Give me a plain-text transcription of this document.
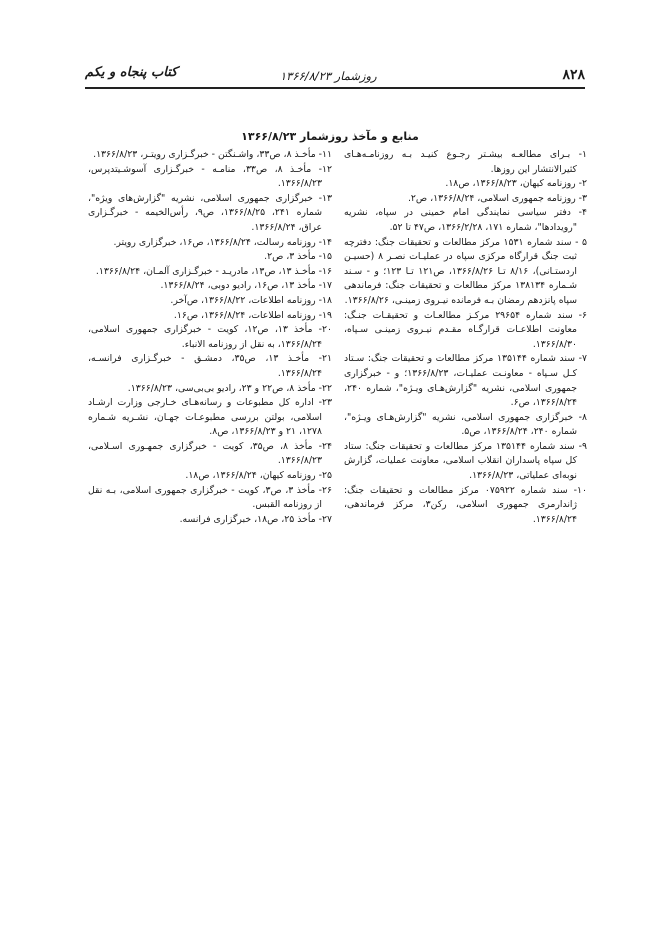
۸۲۸
روزشمار ۱۳۶۶/۸/۲۳
کتاب پنجاه و یکم
منابع و مآخذ روزشمار ۱۳۶۶/۸/۲۳
۱- بـرای مطالعـه بیشـتر رجـوع کنیـد بـه روزنامـه‌هـای کثیرالانتشار این روزها.
۲- روزنامه کیهان، ۱۳۶۶/۸/۲۳، ص۱۸.
۳- روزنامه جمهوری اسلامی، ۱۳۶۶/۸/۲۴، ص۲.
۴- دفتر سیاسی نمایندگی امام خمینی در سپاه، نشریه "رویدادها"، شماره ۱۷۱، ۱۳۶۶/۲/۲۸، ص۴۷ تا ۵۲.
۵ - سند شماره ۱۵۳۱ مرکز مطالعات و تحقیقات جنگ: دفترچه ثبت جنگ قرارگاه مرکزی سپاه در عملیـات نصـر ۸ (حسیـن اردستـانی)، ۸/۱۶ تـا ۱۳۶۶/۸/۲۶، ص۱۲۱ تـا ۱۲۳؛ و - سـند شـماره ۱۳۸۱۳۴ مرکز مطالعات و تحقیقات جنگ: فرماندهی سپاه پانزدهم رمضان بـه فرمانده نیـروی زمینـی، ۱۳۶۶/۸/۲۶.
۶- سند شماره ۲۹۶۵۴ مرکـز مطالعـات و تحقیقـات جنـگ: معاونت اطلاعـات قرارگـاه مقـدم نیـروی زمینـی سـپاه، ۱۳۶۶/۸/۳۰.
۷- سند شماره ۱۳۵۱۴۴ مرکز مطالعات و تحقیقات جنگ: سـتاد کـل سـپاه - معاونـت عملیـات، ۱۳۶۶/۸/۲۳؛ و - خبرگزاری جمهوری اسلامی، نشریه "گزارش‌هـای ویـژه"، شماره ۲۴۰، ۱۳۶۶/۸/۲۴، ص۶.
۸- خبرگزاری جمهوری اسلامی، نشریه "گزارش‌هـای ویـژه"، شماره ۲۴۰، ۱۳۶۶/۸/۲۴، ص۵.
۹- سند شماره ۱۳۵۱۴۴ مرکز مطالعات و تحقیقات جنگ: ستاد کل سپاه پاسداران انقلاب اسلامی، معاونت عملیات، گزارش نوبه‌ای عملیاتی، ۱۳۶۶/۸/۲۳.
۱۰- سند شماره ۰۷۵۹۲۲ مرکز مطالعات و تحقیقات جنگ: ژاندارمری جمهوری اسلامی، رکن۳، مرکز فرماندهی، ۱۳۶۶/۸/۲۴.
۱۱- مأخـذ ۸، ص۳۳، واشـنگتن - خبرگـزاری رویتـر، ۱۳۶۶/۸/۲۳.
۱۲- مأخـذ ۸، ص۳۳، منامـه - خبرگـزاری آسوشـیتدپرس، ۱۳۶۶/۸/۲۳.
۱۳- خبرگزاری جمهوری اسلامی، نشریه "گزارش‌های ویژه"، شماره ۲۴۱، ۱۳۶۶/۸/۲۵، ص۹، رأس‌الخیمه - خبرگـزاری عراق، ۱۳۶۶/۸/۲۴.
۱۴- روزنامه رسالت، ۱۳۶۶/۸/۲۴، ص۱۶، خبرگزاری رویتر.
۱۵- مأخذ ۳، ص۲.
۱۶- مأخـذ ۱۳، ص۱۳، مادریـد - خبرگـزاری آلمـان، ۱۳۶۶/۸/۲۴.
۱۷- مأخذ ۱۳، ص۱۶، رادیو دوبی، ۱۳۶۶/۸/۲۴.
۱۸- روزنامه اطلاعات، ۱۳۶۶/۸/۲۲، ص‌آخر.
۱۹- روزنامه اطلاعات، ۱۳۶۶/۸/۲۴، ص۱۶.
۲۰- مأخذ ۱۳، ص۱۲، کویت - خبرگزاری جمهوری اسلامی، ۱۳۶۶/۸/۲۴، به نقل از روزنامه الانباء.
۲۱- مأخـذ ۱۳، ص۳۵، دمشـق - خبرگـزاری فرانسـه، ۱۳۶۶/۸/۲۴.
۲۲- مأخذ ۸، ص۲۲ و ۲۳، رادیو بی‌بی‌سی، ۱۳۶۶/۸/۲۳.
۲۳- اداره کل مطبوعات و رسانه‌هـای خـارجی وزارت ارشـاد اسلامی، بولتن بررسی مطبوعـات جهـان، نشـریه شـماره ۱۲۷۸، ۲۱ و ۱۳۶۶/۸/۲۳، ص۸.
۲۴- مأخذ ۸، ص۳۵، کویت - خبرگزاری جمهـوری اسـلامی، ۱۳۶۶/۸/۲۳.
۲۵- روزنامه کیهان، ۱۳۶۶/۸/۲۴، ص۱۸.
۲۶- مأخذ ۳، ص۳، کویت - خبرگزاری جمهوری اسلامی، بـه نقل از روزنامه القبس.
۲۷- مأخذ ۲۵، ص۱۸، خبرگزاری فرانسه.
